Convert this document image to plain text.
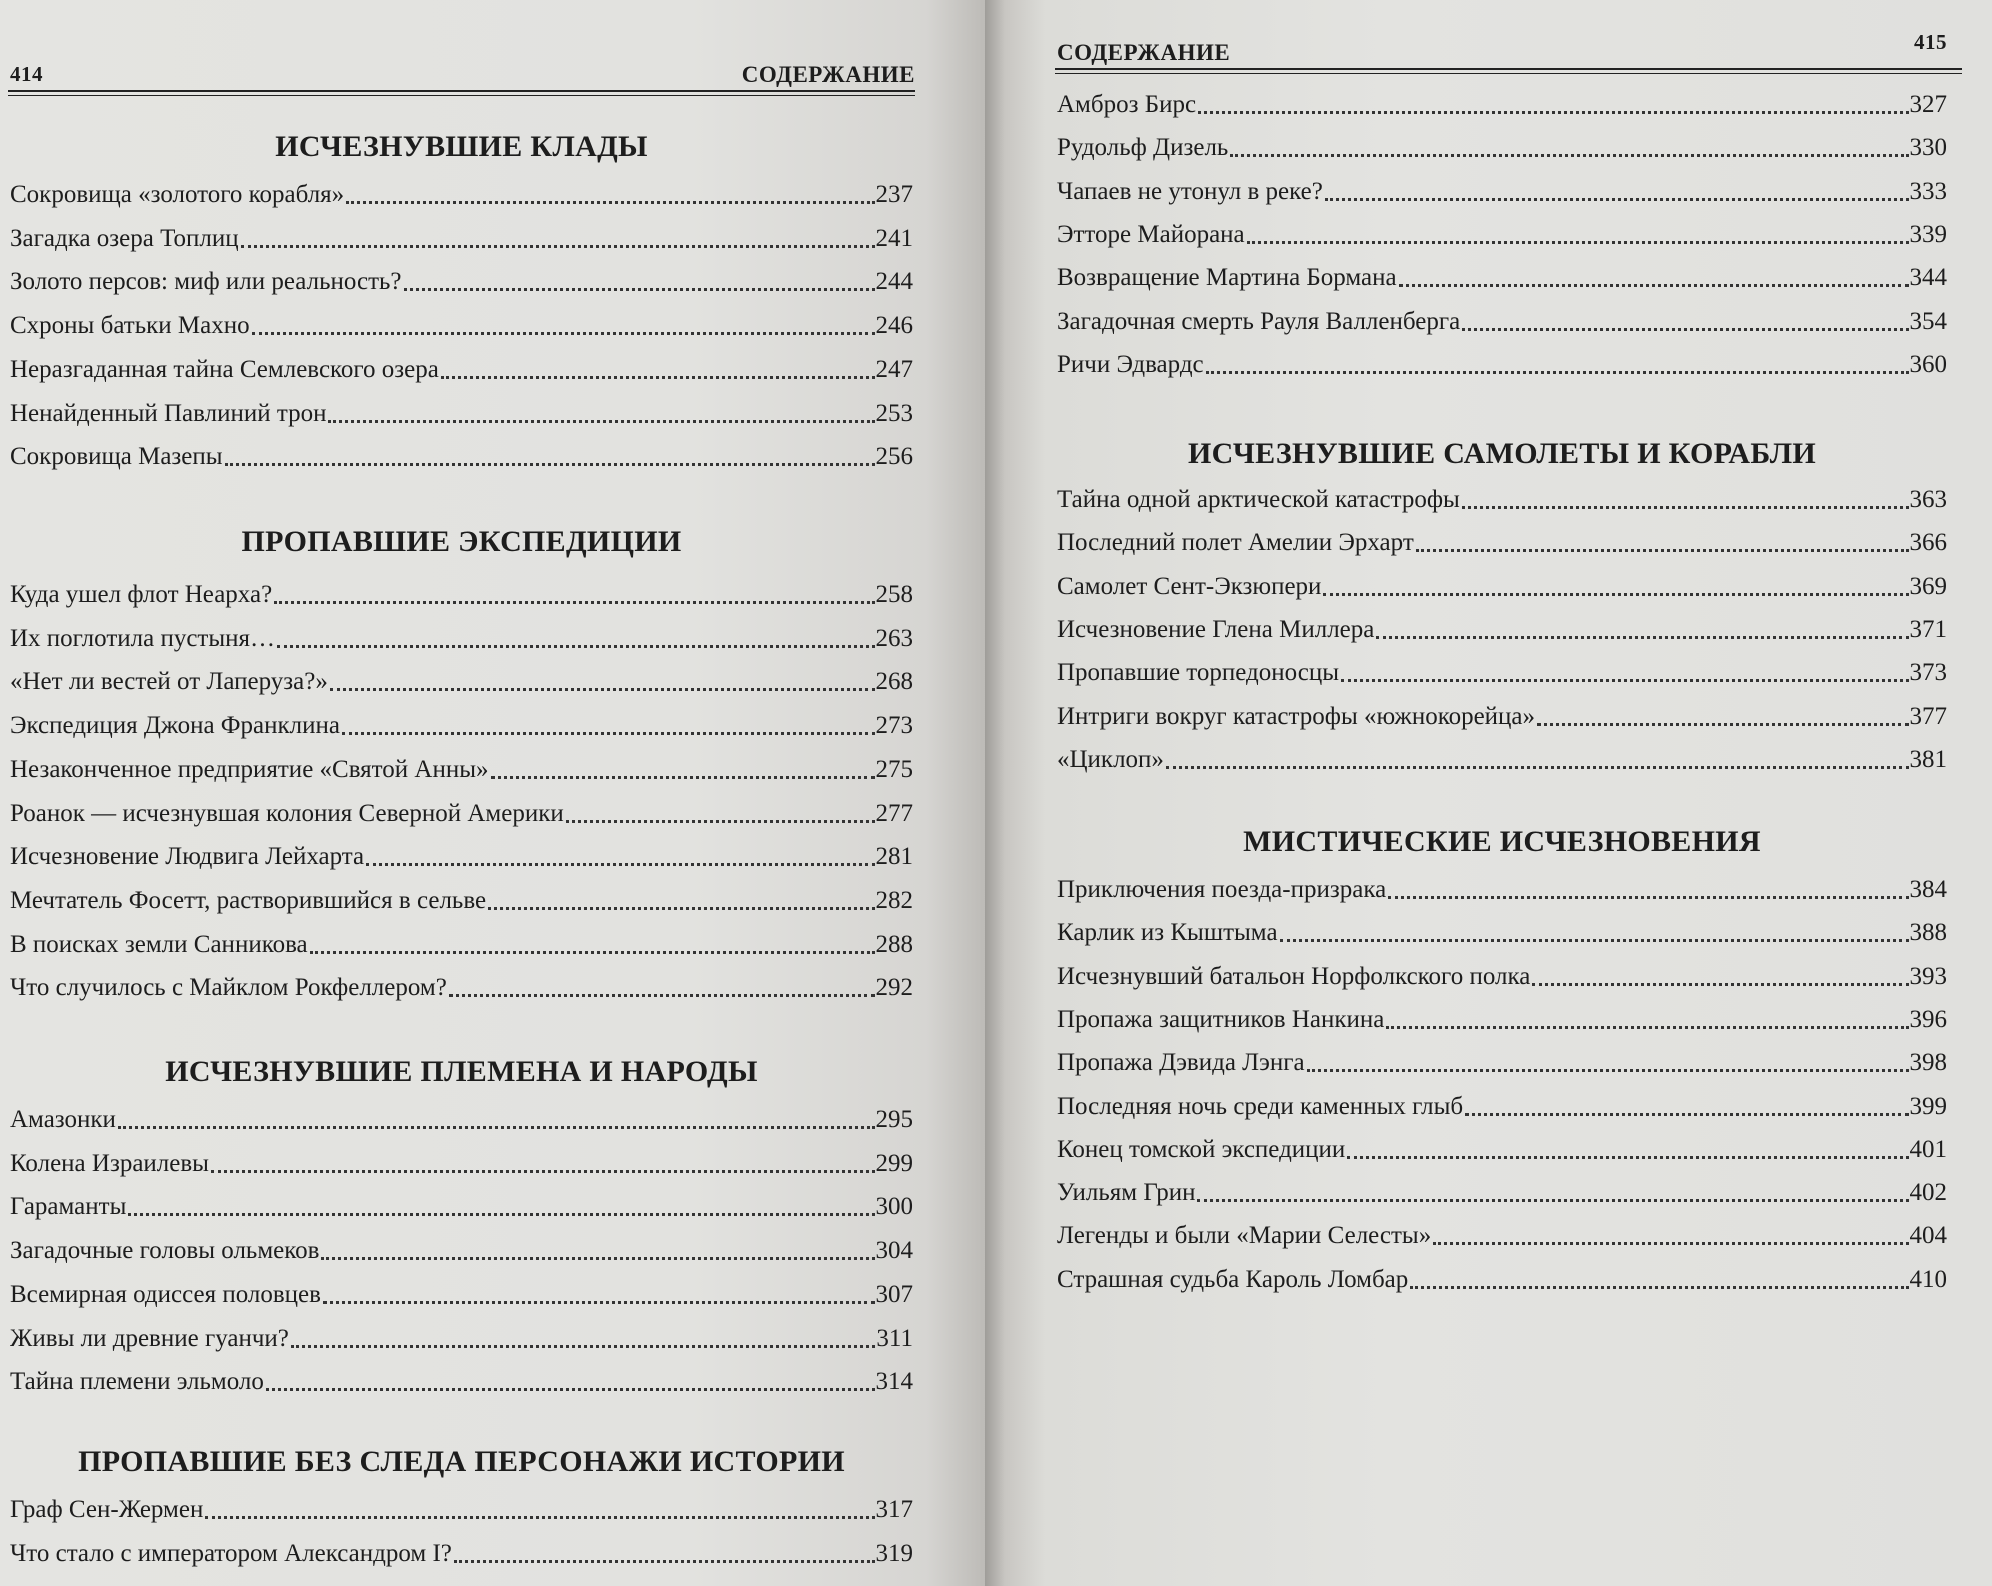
414	СОДЕРЖАНИЕ
ИСЧЕЗНУВШИЕ КЛАДЫ
Сокровища «золотого корабля»	237
Загадка озера Топлиц	241
Золото персов: миф или реальность?	244
Схроны батьки Махно	246
Неразгаданная тайна Семлевского озера	247
Ненайденный Павлиний трон	253
Сокровища Мазепы	256
ПРОПАВШИЕ ЭКСПЕДИЦИИ
Куда ушел флот Неарха?	258
Их поглотила пустыня…	263
«Нет ли вестей от Лаперуза?»	268
Экспедиция Джона Франклина	273
Незаконченное предприятие «Святой Анны»	275
Роанок — исчезнувшая колония Северной Америки	277
Исчезновение Людвига Лейхарта	281
Мечтатель Фосетт, растворившийся в сельве	282
В поисках земли Санникова	288
Что случилось с Майклом Рокфеллером?	292
ИСЧЕЗНУВШИЕ ПЛЕМЕНА И НАРОДЫ
Амазонки	295
Колена Израилевы	299
Гараманты	300
Загадочные головы ольмеков	304
Всемирная одиссея половцев	307
Живы ли древние гуанчи?	311
Тайна племени эльмоло	314
ПРОПАВШИЕ БЕЗ СЛЕДА ПЕРСОНАЖИ ИСТОРИИ
Граф Сен-Жермен	317
Что стало с императором Александром I?	319
СОДЕРЖАНИЕ	415
Амброз Бирс	327
Рудольф Дизель	330
Чапаев не утонул в реке?	333
Этторе Майорана	339
Возвращение Мартина Бормана	344
Загадочная смерть Рауля Валленберга	354
Ричи Эдвардс	360
ИСЧЕЗНУВШИЕ САМОЛЕТЫ И КОРАБЛИ
Тайна одной арктической катастрофы	363
Последний полет Амелии Эрхарт	366
Самолет Сент-Экзюпери	369
Исчезновение Глена Миллера	371
Пропавшие торпедоносцы	373
Интриги вокруг катастрофы «южнокорейца»	377
«Циклоп»	381
МИСТИЧЕСКИЕ ИСЧЕЗНОВЕНИЯ
Приключения поезда-призрака	384
Карлик из Кыштыма	388
Исчезнувший батальон Норфолкского полка	393
Пропажа защитников Нанкина	396
Пропажа Дэвида Лэнга	398
Последняя ночь среди каменных глыб	399
Конец томской экспедиции	401
Уильям Грин	402
Легенды и были «Марии Селесты»	404
Страшная судьба Кароль Ломбар	410
